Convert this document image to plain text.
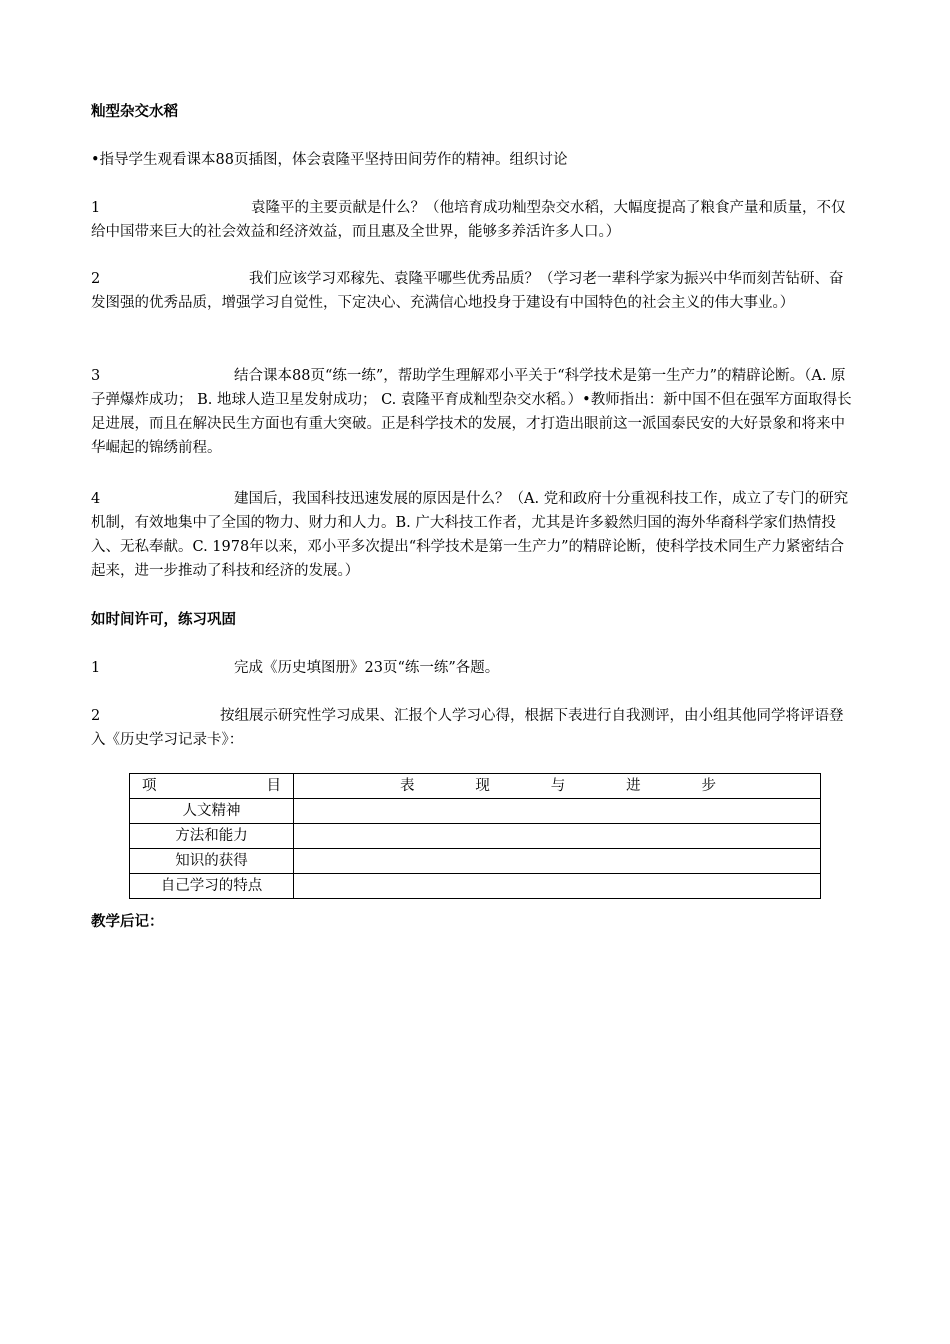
籼型杂交水稻
•指导学生观看课本88页插图，体会袁隆平坚持田间劳作的精神。组织讨论
1	袁隆平的主要贡献是什么？（他培育成功籼型杂交水稻，大幅度提高了粮食产量和质量，不仅给中国带来巨大的社会效益和经济效益，而且惠及全世界，能够多养活许多人口。）
2	我们应该学习邓稼先、袁隆平哪些优秀品质？（学习老一辈科学家为振兴中华而刻苦钻研、奋发图强的优秀品质，增强学习自觉性，下定决心、充满信心地投身于建设有中国特色的社会主义的伟大事业。）
3	结合课本88页“练一练”，帮助学生理解邓小平关于“科学技术是第一生产力”的精辟论断。（A. 原子弹爆炸成功； B. 地球人造卫星发射成功； C. 袁隆平育成籼型杂交水稻。）•教师指出：新中国不但在强军方面取得长足进展，而且在解决民生方面也有重大突破。正是科学技术的发展，才打造出眼前这一派国泰民安的大好景象和将来中华崛起的锦绣前程。
4	建国后，我国科技迅速发展的原因是什么？（A. 党和政府十分重视科技工作，成立了专门的研究机制，有效地集中了全国的物力、财力和人力。B. 广大科技工作者，尤其是许多毅然归国的海外华裔科学家们热情投入、无私奉献。C. 1978年以来，邓小平多次提出“科学技术是第一生产力”的精辟论断，使科学技术同生产力紧密结合起来，进一步推动了科技和经济的发展。）
如时间许可，练习巩固
1	完成《历史填图册》23页“练一练”各题。
2	按组展示研究性学习成果、汇报个人学习心得，根据下表进行自我测评，由小组其他同学将评语登入《历史学习记录卡》：
项 目	表 现 与 进 步

人文精神	
方法和能力	
知识的获得	
自己学习的特点	
教学后记：
